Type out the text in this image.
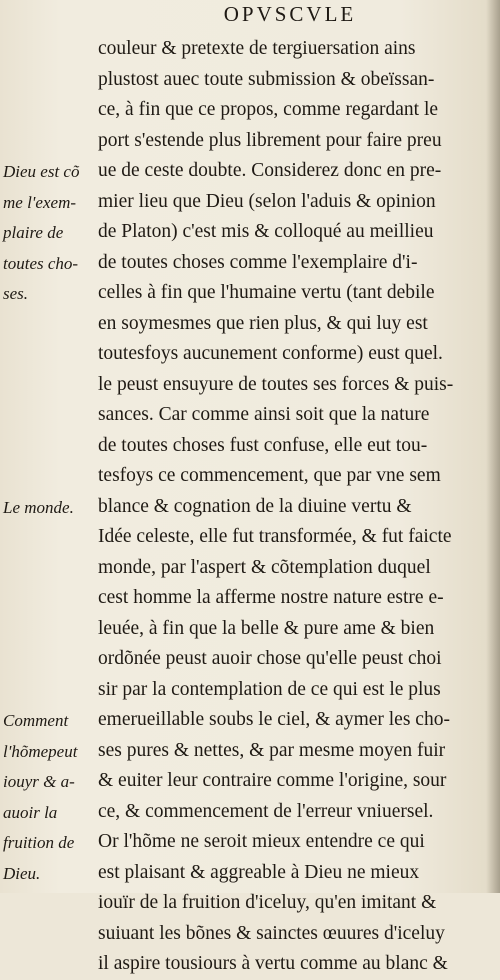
OPVSCVLE
couleur & pretexte de tergiuersation ains
plustost auec toute submission & obeïssan-
ce, à fin que ce propos, comme regardant le
port s'estende plus librement pour faire preu
ue de ceste doubte. Considerez donc en pre-
mier lieu que Dieu (selon l'aduis & opinion
de Platon) c'est mis & colloqué au meillieu
de toutes choses comme l'exemplaire d'i-
celles à fin que l'humaine vertu (tant debile
en soymesmes que rien plus, & qui luy est
toutesfoys aucunement conforme) eust quel.
le peust ensuyure de toutes ses forces & puis-
sances. Car comme ainsi soit que la nature
de toutes choses fust confuse, elle eut tou-
tesfoys ce commencement, que par vne sem
blance & cognation de la diuine vertu &
Idée celeste, elle fut transformée, & fut faicte
monde, par l'aspert & cõtemplation duquel
cest homme la afferme nostre nature estre e-
leuée, à fin que la belle & pure ame & bien
ordõnée peust auoir chose qu'elle peust choi
sir par la contemplation de ce qui est le plus
emerueillable soubs le ciel, & aymer les cho-
ses pures & nettes, & par mesme moyen fuir
& euiter leur contraire comme l'origine, sour
ce, & commencement de l'erreur vniuersel.
Or l'hõme ne seroit mieux entendre ce qui
est plaisant & aggreable à Dieu ne mieux
iouïr de la fruition d'iceluy, qu'en imitant &
suiuant les bõnes & sainctes œuures d'iceluy
il aspire tousiours à vertu comme au blanc &
Dieu est cõ
me l'exem-
plaire de
toutes cho-
ses.
Le monde.
Comment
l'hõmepeut
iouyr & a-
auoir la
fruition de
Dieu.
